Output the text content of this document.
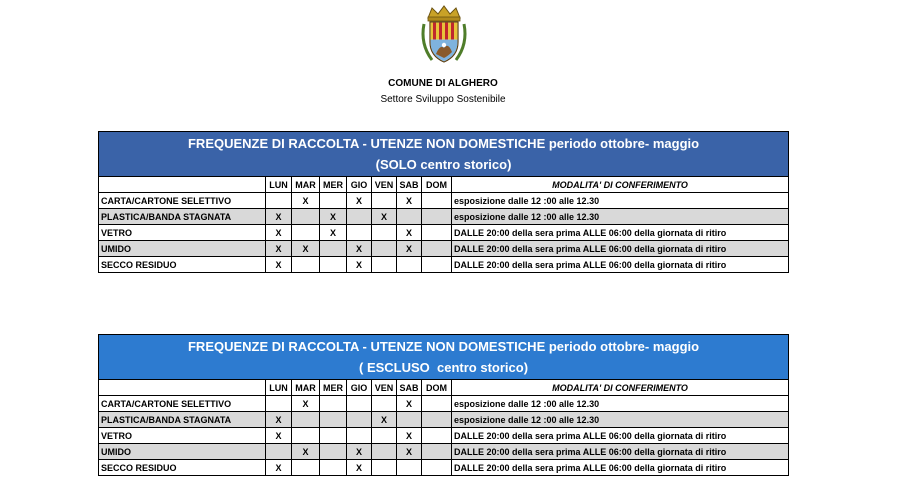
COMUNE DI ALGHERO
Settore Sviluppo Sostenibile
FREQUENZE DI RACCOLTA - UTENZE NON DOMESTICHE periodo ottobre- maggio
(SOLO centro storico)								

	LUN	MAR	MER	GIO	VEN	SAB	DOM	MODALITA' DI CONFERIMENTO
CARTA/CARTONE SELETTIVO		X		X		X		esposizione dalle 12 :00 alle 12.30
PLASTICA/BANDA STAGNATA	X		X		X			esposizione dalle 12 :00 alle 12.30
VETRO	X		X			X		DALLE 20:00 della sera prima ALLE 06:00 della giornata di ritiro
UMIDO	X	X		X		X		DALLE 20:00 della sera prima ALLE 06:00 della giornata di ritiro
SECCO RESIDUO	X			X				DALLE 20:00 della sera prima ALLE 06:00 della giornata di ritiro
FREQUENZE DI RACCOLTA - UTENZE NON DOMESTICHE periodo ottobre- maggio
( ESCLUSO  centro storico)								

	LUN	MAR	MER	GIO	VEN	SAB	DOM	MODALITA' DI CONFERIMENTO
CARTA/CARTONE SELETTIVO		X				X		esposizione dalle 12 :00 alle 12.30
PLASTICA/BANDA STAGNATA	X				X			esposizione dalle 12 :00 alle 12.30
VETRO	X					X		DALLE 20:00 della sera prima ALLE 06:00 della giornata di ritiro
UMIDO		X		X		X		DALLE 20:00 della sera prima ALLE 06:00 della giornata di ritiro
SECCO RESIDUO	X			X				DALLE 20:00 della sera prima ALLE 06:00 della giornata di ritiro
